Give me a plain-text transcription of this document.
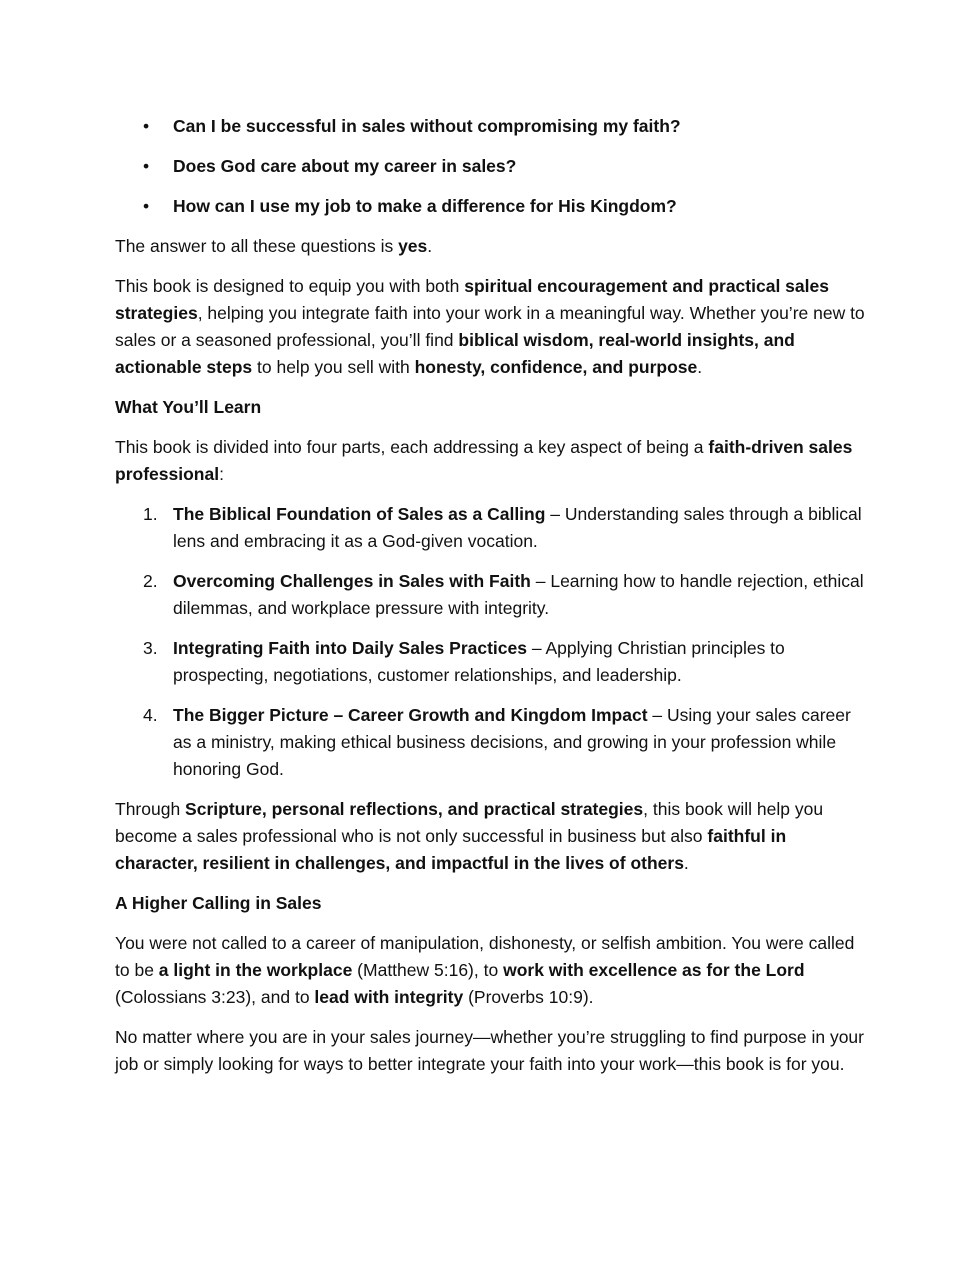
• Can I be successful in sales without compromising my faith?
• Does God care about my career in sales?
• How can I use my job to make a difference for His Kingdom?

The answer to all these questions is yes.

This book is designed to equip you with both spiritual encouragement and practical sales strategies, helping you integrate faith into your work in a meaningful way. Whether you’re new to sales or a seasoned professional, you’ll find biblical wisdom, real-world insights, and actionable steps to help you sell with honesty, confidence, and purpose.

What You’ll Learn

This book is divided into four parts, each addressing a key aspect of being a faith-driven sales professional:

1. The Biblical Foundation of Sales as a Calling – Understanding sales through a biblical lens and embracing it as a God-given vocation.
2. Overcoming Challenges in Sales with Faith – Learning how to handle rejection, ethical dilemmas, and workplace pressure with integrity.
3. Integrating Faith into Daily Sales Practices – Applying Christian principles to prospecting, negotiations, customer relationships, and leadership.
4. The Bigger Picture – Career Growth and Kingdom Impact – Using your sales career as a ministry, making ethical business decisions, and growing in your profession while honoring God.

Through Scripture, personal reflections, and practical strategies, this book will help you become a sales professional who is not only successful in business but also faithful in character, resilient in challenges, and impactful in the lives of others.

A Higher Calling in Sales

You were not called to a career of manipulation, dishonesty, or selfish ambition. You were called to be a light in the workplace (Matthew 5:16), to work with excellence as for the Lord (Colossians 3:23), and to lead with integrity (Proverbs 10:9).

No matter where you are in your sales journey—whether you’re struggling to find purpose in your job or simply looking for ways to better integrate your faith into your work—this book is for you.
